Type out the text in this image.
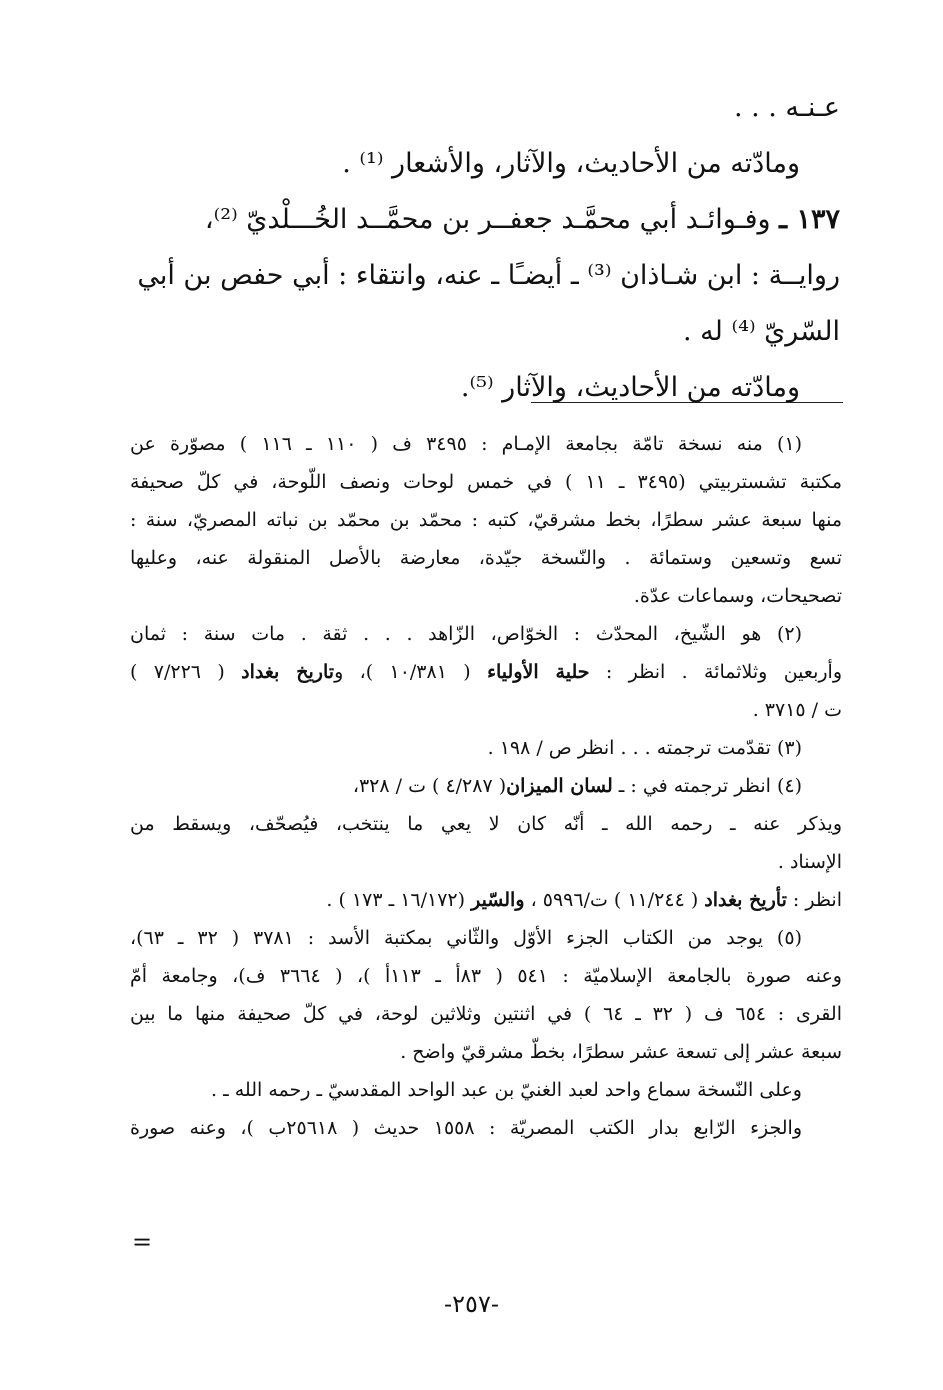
عـنـه . . .
ومادّته من الأحاديث، والآثار، والأشعار ⁽¹⁾ .
١٣٧ ـ وفـوائـد أبي محمَّـد جعفــر بن محمَّــد الخُـــلْديّ ⁽²⁾،
روايــة : ابن شـاذان ⁽³⁾ ـ أيضـًا ـ عنه، وانتقاء : أبي حفص بن أبي
السّريّ ⁽⁴⁾ له .
ومادّته من الأحاديث، والآثار ⁽⁵⁾.
(١) منه نسخة تامّة بجامعة الإمـام : ٣٤٩٥ ف ( ١١٠ ـ ١١٦ ) مصوّرة عن
مكتبة تشستربيتي (٣٤٩٥ ـ ١١ ) في خمس لوحات ونصف اللّوحة، في كلّ صحيفة
منها سبعة عشر سطرًا، بخط مشرقيّ، كتبه : محمّد بن محمّد بن نباته المصريّ، سنة :
تسع وتسعين وستمائة . والنّسخة جيّدة، معارضة بالأصل المنقولة عنه، وعليها
تصحيحات، وسماعات عدّة.
(٢) هو الشّيخ، المحدّث : الخوّاص، الزّاهد . . . ثقة . مات سنة : ثمان
وأربعين وثلاثمائة . انظر : حلية الأولياء ( ١٠/٣٨١ )، وتاريخ بغداد ( ٧/٢٢٦ )
ت / ٣٧١٥ .
(٣) تقدّمت ترجمته . . . انظر ص / ١٩٨ .
(٤) انظر ترجمته في : ـ لسان الميزان( ٤/٢٨٧ ) ت / ٣٢٨،
ويذكر عنه ـ رحمه الله ـ أنّه كان لا يعي ما ينتخب، فيُصحّف، ويسقط من
الإسناد .
انظر : تأريخ بغداد ( ١١/٢٤٤ ) ت/٥٩٩٦ ، والسّير (١٦/١٧٢ ـ ١٧٣ ) .
(٥) يوجد من الكتاب الجزء الأوّل والثّاني بمكتبة الأسد : ٣٧٨١ ( ٣٢ ـ ٦٣)،
وعنه صورة بالجامعة الإسلاميّة : ٥٤١ ( ٨٣أ ـ ١١٣أ )، ( ٣٦٦٤ ف)، وجامعة أمّ
القرى : ٦٥٤ ف ( ٣٢ ـ ٦٤ ) في اثنتين وثلاثين لوحة، في كلّ صحيفة منها ما بين
سبعة عشر إلى تسعة عشر سطرًا، بخطّ مشرقيّ واضح .
وعلى النّسخة سماع واحد لعبد الغنيّ بن عبد الواحد المقدسيّ ـ رحمه الله ـ .
والجزء الرّابع بدار الكتب المصريّة : ١٥٥٨ حديث ( ٢٥٦١٨ب )، وعنه صورة
=
-٢٥٧-
